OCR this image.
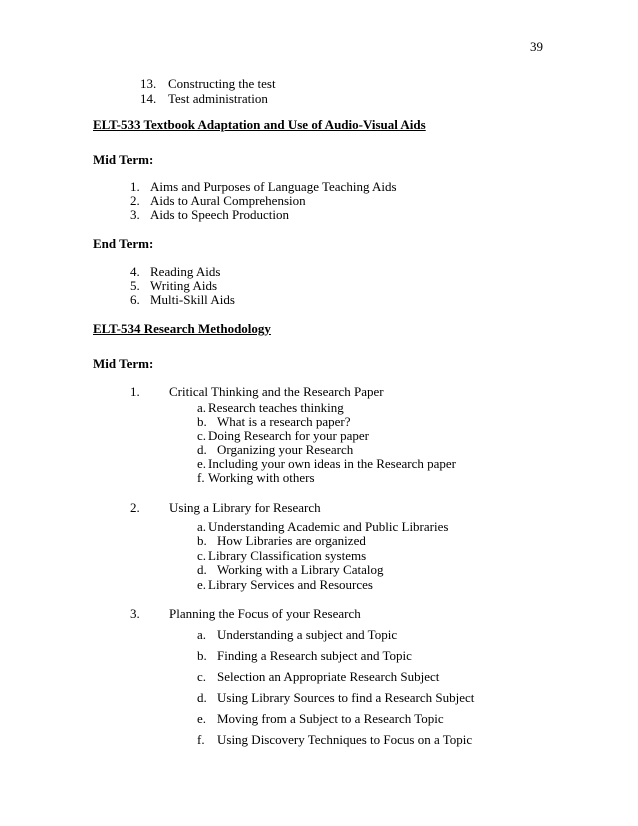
39
13. Constructing the test
14. Test administration
ELT-533 Textbook Adaptation and Use of Audio-Visual Aids
Mid Term:
1. Aims and Purposes of Language Teaching Aids
2. Aids to Aural Comprehension
3. Aids to Speech Production
End Term:
4. Reading Aids
5. Writing Aids
6. Multi-Skill Aids
ELT-534 Research Methodology
Mid Term:
1. Critical Thinking and the Research Paper
a. Research teaches thinking
b. What is a research paper?
c. Doing Research for your paper
d. Organizing your Research
e. Including your own ideas in the Research paper
f. Working with others
2. Using a Library for Research
a. Understanding Academic and Public Libraries
b. How Libraries are organized
c. Library Classification systems
d. Working with a Library Catalog
e. Library Services and Resources
3. Planning the Focus of your Research
a. Understanding a subject and Topic
b. Finding a Research subject and Topic
c. Selection an Appropriate Research Subject
d. Using Library Sources to find a Research Subject
e. Moving from a Subject to a Research Topic
f. Using Discovery Techniques to Focus on a Topic
